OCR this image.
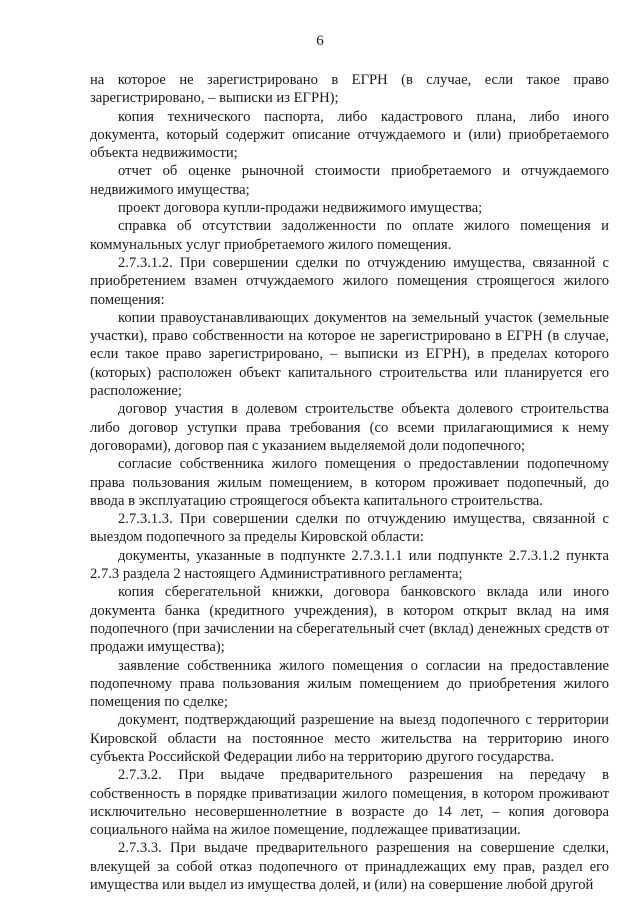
6

на которое не зарегистрировано в ЕГРН (в случае, если такое право зарегистрировано, – выписки из ЕГРН);

копия технического паспорта, либо кадастрового плана, либо иного документа, который содержит описание отчуждаемого и (или) приобретаемого объекта недвижимости;

отчет об оценке рыночной стоимости приобретаемого и отчуждаемого недвижимого имущества;

проект договора купли-продажи недвижимого имущества;

справка об отсутствии задолженности по оплате жилого помещения и коммунальных услуг приобретаемого жилого помещения.

2.7.3.1.2. При совершении сделки по отчуждению имущества, связанной с приобретением взамен отчуждаемого жилого помещения строящегося жилого помещения:

копии правоустанавливающих документов на земельный участок (земельные участки), право собственности на которое не зарегистрировано в ЕГРН (в случае, если такое право зарегистрировано, – выписки из ЕГРН), в пределах которого (которых) расположен объект капитального строительства или планируется его расположение;

договор участия в долевом строительстве объекта долевого строительства либо договор уступки права требования (со всеми прилагающимися к нему договорами), договор пая с указанием выделяемой доли подопечного;

согласие собственника жилого помещения о предоставлении подопечному права пользования жилым помещением, в котором проживает подопечный, до ввода в эксплуатацию строящегося объекта капитального строительства.

2.7.3.1.3. При совершении сделки по отчуждению имущества, связанной с выездом подопечного за пределы Кировской области:

документы, указанные в подпункте 2.7.3.1.1 или подпункте 2.7.3.1.2 пункта 2.7.3 раздела 2 настоящего Административного регламента;

копия сберегательной книжки, договора банковского вклада или иного документа банка (кредитного учреждения), в котором открыт вклад на имя подопечного (при зачислении на сберегательный счет (вклад) денежных средств от продажи имущества);

заявление собственника жилого помещения о согласии на предоставление подопечному права пользования жилым помещением до приобретения жилого помещения по сделке;

документ, подтверждающий разрешение на выезд подопечного с территории Кировской области на постоянное место жительства на территорию иного субъекта Российской Федерации либо на территорию другого государства.

2.7.3.2. При выдаче предварительного разрешения на передачу в собственность в порядке приватизации жилого помещения, в котором проживают исключительно несовершеннолетние в возрасте до 14 лет, – копия договора социального найма на жилое помещение, подлежащее приватизации.

2.7.3.3. При выдаче предварительного разрешения на совершение сделки, влекущей за собой отказ подопечного от принадлежащих ему прав, раздел его имущества или выдел из имущества долей, и (или) на совершение любой другой
